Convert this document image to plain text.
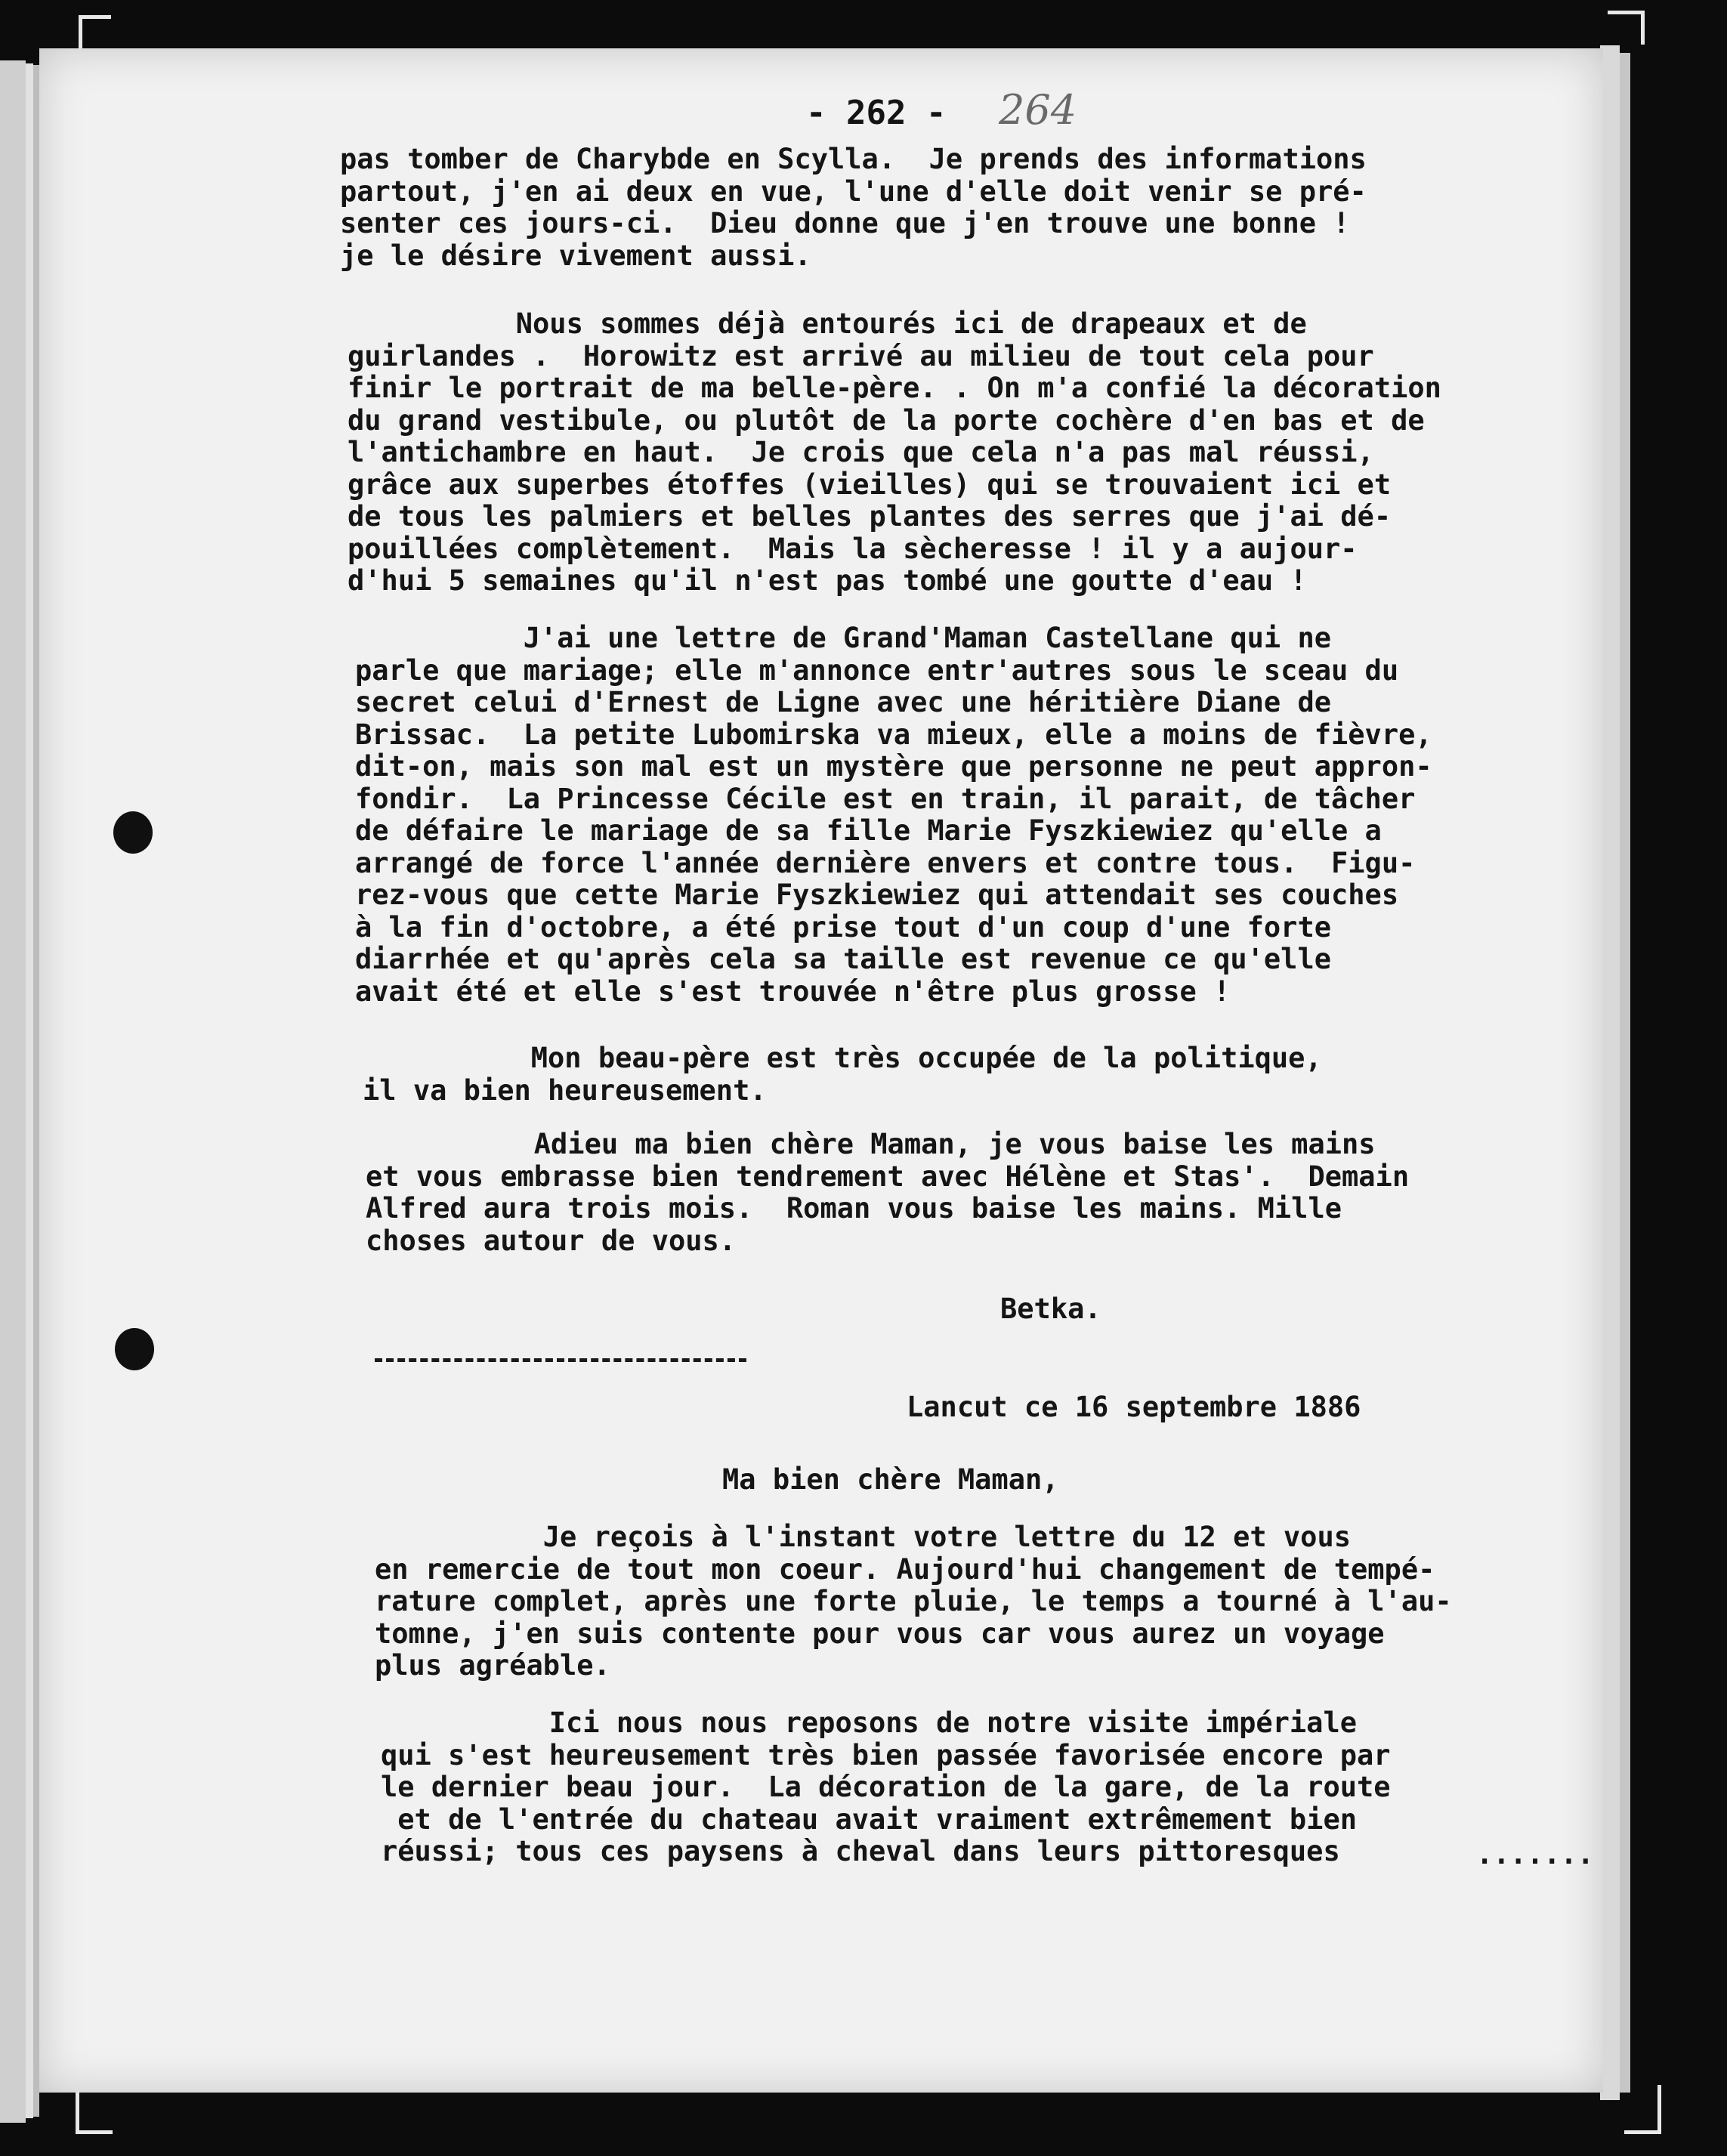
- 262 - 264

pas tomber de Charybde en Scylla.  Je prends des informations
partout, j'en ai deux en vue, l'une d'elle doit venir se pré-
senter ces jours-ci.  Dieu donne que j'en trouve une bonne !
je le désire vivement aussi.

Nous sommes déjà entourés ici de drapeaux et de
guirlandes .  Horowitz est arrivé au milieu de tout cela pour
finir le portrait de ma belle-père. . On m'a confié la décoration
du grand vestibule, ou plutôt de la porte cochère d'en bas et de
l'antichambre en haut.  Je crois que cela n'a pas mal réussi,
grâce aux superbes étoffes (vieilles) qui se trouvaient ici et
de tous les palmiers et belles plantes des serres que j'ai dé-
pouillées complètement.  Mais la sècheresse ! il y a aujour-
d'hui 5 semaines qu'il n'est pas tombé une goutte d'eau !

J'ai une lettre de Grand'Maman Castellane qui ne
parle que mariage; elle m'annonce entr'autres sous le sceau du
secret celui d'Ernest de Ligne avec une héritière Diane de
Brissac.  La petite Lubomirska va mieux, elle a moins de fièvre,
dit-on, mais son mal est un mystère que personne ne peut appron-
fondir.  La Princesse Cécile est en train, il parait, de tâcher
de défaire le mariage de sa fille Marie Fyszkiewiez qu'elle a
arrangé de force l'année dernière envers et contre tous.  Figu-
rez-vous que cette Marie Fyszkiewiez qui attendait ses couches
à la fin d'octobre, a été prise tout d'un coup d'une forte
diarrhée et qu'après cela sa taille est revenue ce qu'elle
avait été et elle s'est trouvée n'être plus grosse !

Mon beau-père est très occupée de la politique,
il va bien heureusement.

Adieu ma bien chère Maman, je vous baise les mains
et vous embrasse bien tendrement avec Hélène et Stas'.  Demain
Alfred aura trois mois.  Roman vous baise les mains. Mille
choses autour de vous.

Betka.

Lancut ce 16 septembre 1886

Ma bien chère Maman,

Je reçois à l'instant votre lettre du 12 et vous
en remercie de tout mon coeur. Aujourd'hui changement de tempé-
rature complet, après une forte pluie, le temps a tourné à l'au-
tomne, j'en suis contente pour vous car vous aurez un voyage
plus agréable.

Ici nous nous reposons de notre visite impériale
qui s'est heureusement très bien passée favorisée encore par
le dernier beau jour.  La décoration de la gare, de la route
et de l'entrée du chateau avait vraiment extrêmement bien
réussi; tous ces paysens à cheval dans leurs pittoresques	.......
